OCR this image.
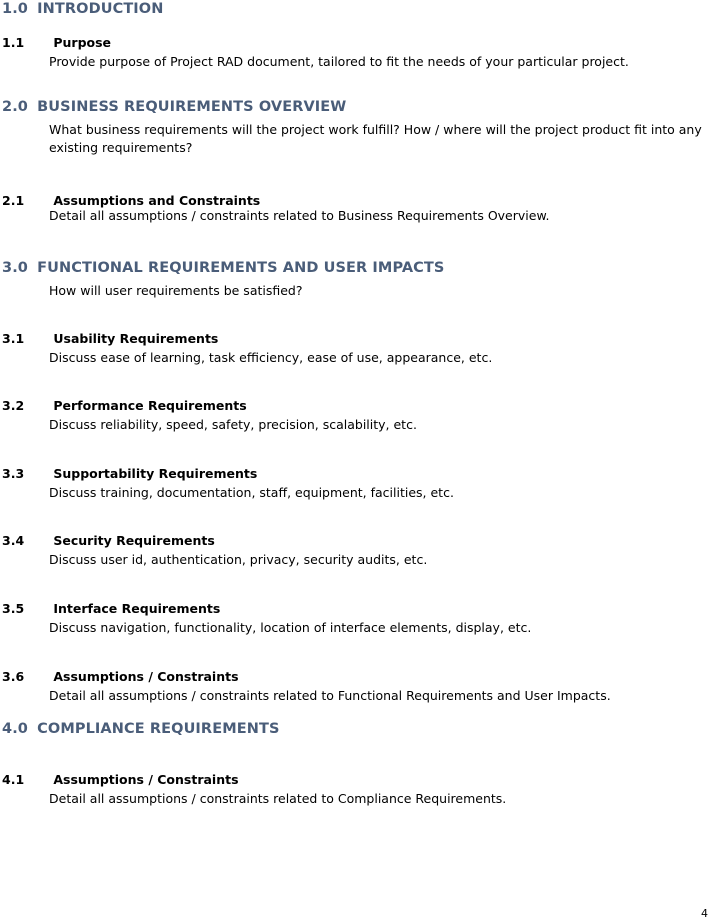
1.0 INTRODUCTION
1.1 Purpose
Provide purpose of Project RAD document, tailored to fit the needs of your particular project.
2.0 BUSINESS REQUIREMENTS OVERVIEW
What business requirements will the project work fulfill? How / where will the project product fit into any existing requirements?
2.1 Assumptions and Constraints
Detail all assumptions / constraints related to Business Requirements Overview.
3.0 FUNCTIONAL REQUIREMENTS AND USER IMPACTS
How will user requirements be satisfied?
3.1 Usability Requirements
Discuss ease of learning, task efficiency, ease of use, appearance, etc.
3.2 Performance Requirements
Discuss reliability, speed, safety, precision, scalability, etc.
3.3 Supportability Requirements
Discuss training, documentation, staff, equipment, facilities, etc.
3.4 Security Requirements
Discuss user id, authentication, privacy, security audits, etc.
3.5 Interface Requirements
Discuss navigation, functionality, location of interface elements, display, etc.
3.6 Assumptions / Constraints
Detail all assumptions / constraints related to Functional Requirements and User Impacts.
4.0 COMPLIANCE REQUIREMENTS
4.1 Assumptions / Constraints
Detail all assumptions / constraints related to Compliance Requirements.
4
